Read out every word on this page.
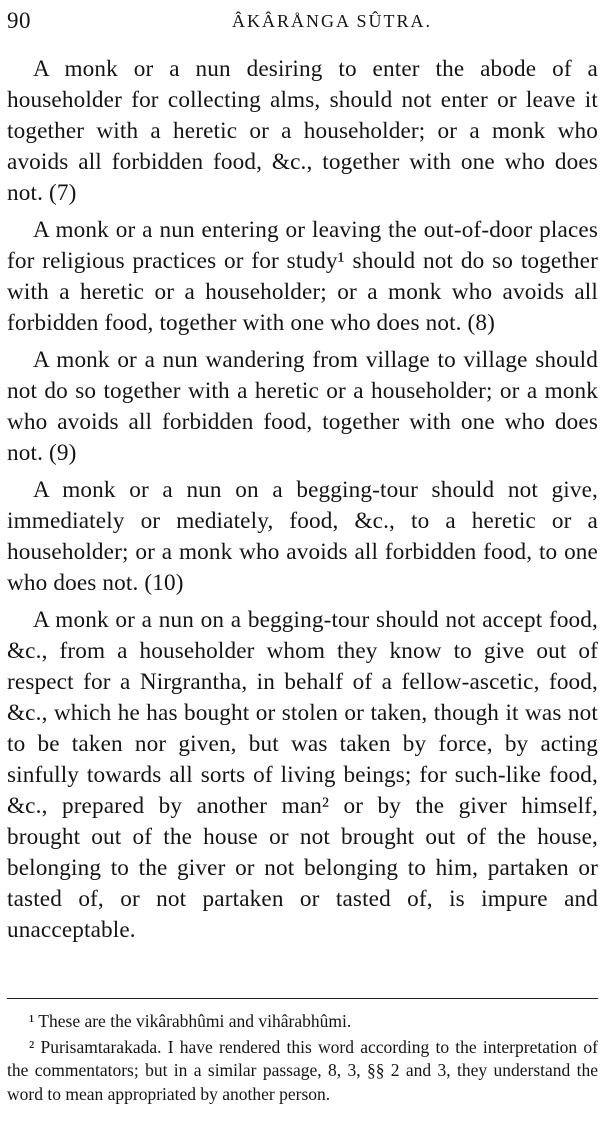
90	ÂKÂRÅNGA SÛTRA.

A monk or a nun desiring to enter the abode of a householder for collecting alms, should not enter or leave it together with a heretic or a householder; or a monk who avoids all forbidden food, &c., together with one who does not. (7)

A monk or a nun entering or leaving the out-of-door places for religious practices or for study¹ should not do so together with a heretic or a householder; or a monk who avoids all forbidden food, together with one who does not. (8)

A monk or a nun wandering from village to village should not do so together with a heretic or a householder; or a monk who avoids all forbidden food, together with one who does not. (9)

A monk or a nun on a begging-tour should not give, immediately or mediately, food, &c., to a heretic or a householder; or a monk who avoids all forbidden food, to one who does not. (10)

A monk or a nun on a begging-tour should not accept food, &c., from a householder whom they know to give out of respect for a Nirgrantha, in behalf of a fellow-ascetic, food, &c., which he has bought or stolen or taken, though it was not to be taken nor given, but was taken by force, by acting sinfully towards all sorts of living beings; for such-like food, &c., prepared by another man² or by the giver himself, brought out of the house or not brought out of the house, belonging to the giver or not belonging to him, partaken or tasted of, or not partaken or tasted of, is impure and unacceptable.

¹ These are the vikârabhûmi and vihârabhûmi.

² Purisamtarakada. I have rendered this word according to the interpretation of the commentators; but in a similar passage, 8, 3, §§ 2 and 3, they understand the word to mean appropriated by another person.
